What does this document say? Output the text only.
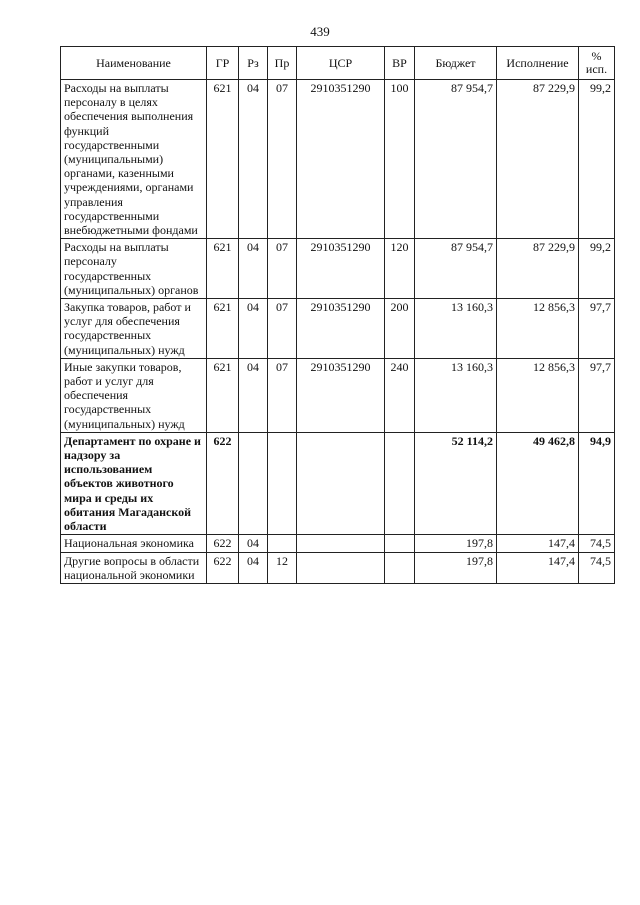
439
Наименование	ГР	Рз	Пр	ЦСР	ВР	Бюджет	Исполнение	%
исп.

Расходы на выплаты персоналу в целях обеспечения выполнения функций государственными (муниципальными) органами, казенными учреждениями, органами управления государственными внебюджетными фондами	621	04	07	2910351290	100	87 954,7	87 229,9	99,2
Расходы на выплаты персоналу государственных (муниципальных) органов	621	04	07	2910351290	120	87 954,7	87 229,9	99,2
Закупка товаров, работ и услуг для обеспечения государственных (муниципальных) нужд	621	04	07	2910351290	200	13 160,3	12 856,3	97,7
Иные закупки товаров, работ и услуг для обеспечения государственных (муниципальных) нужд	621	04	07	2910351290	240	13 160,3	12 856,3	97,7
Департамент по охране и надзору за использованием объектов животного мира и среды их обитания Магаданской области	622					52 114,2	49 462,8	94,9
Национальная экономика	622	04				197,8	147,4	74,5
Другие вопросы в области национальной экономики	622	04	12			197,8	147,4	74,5
